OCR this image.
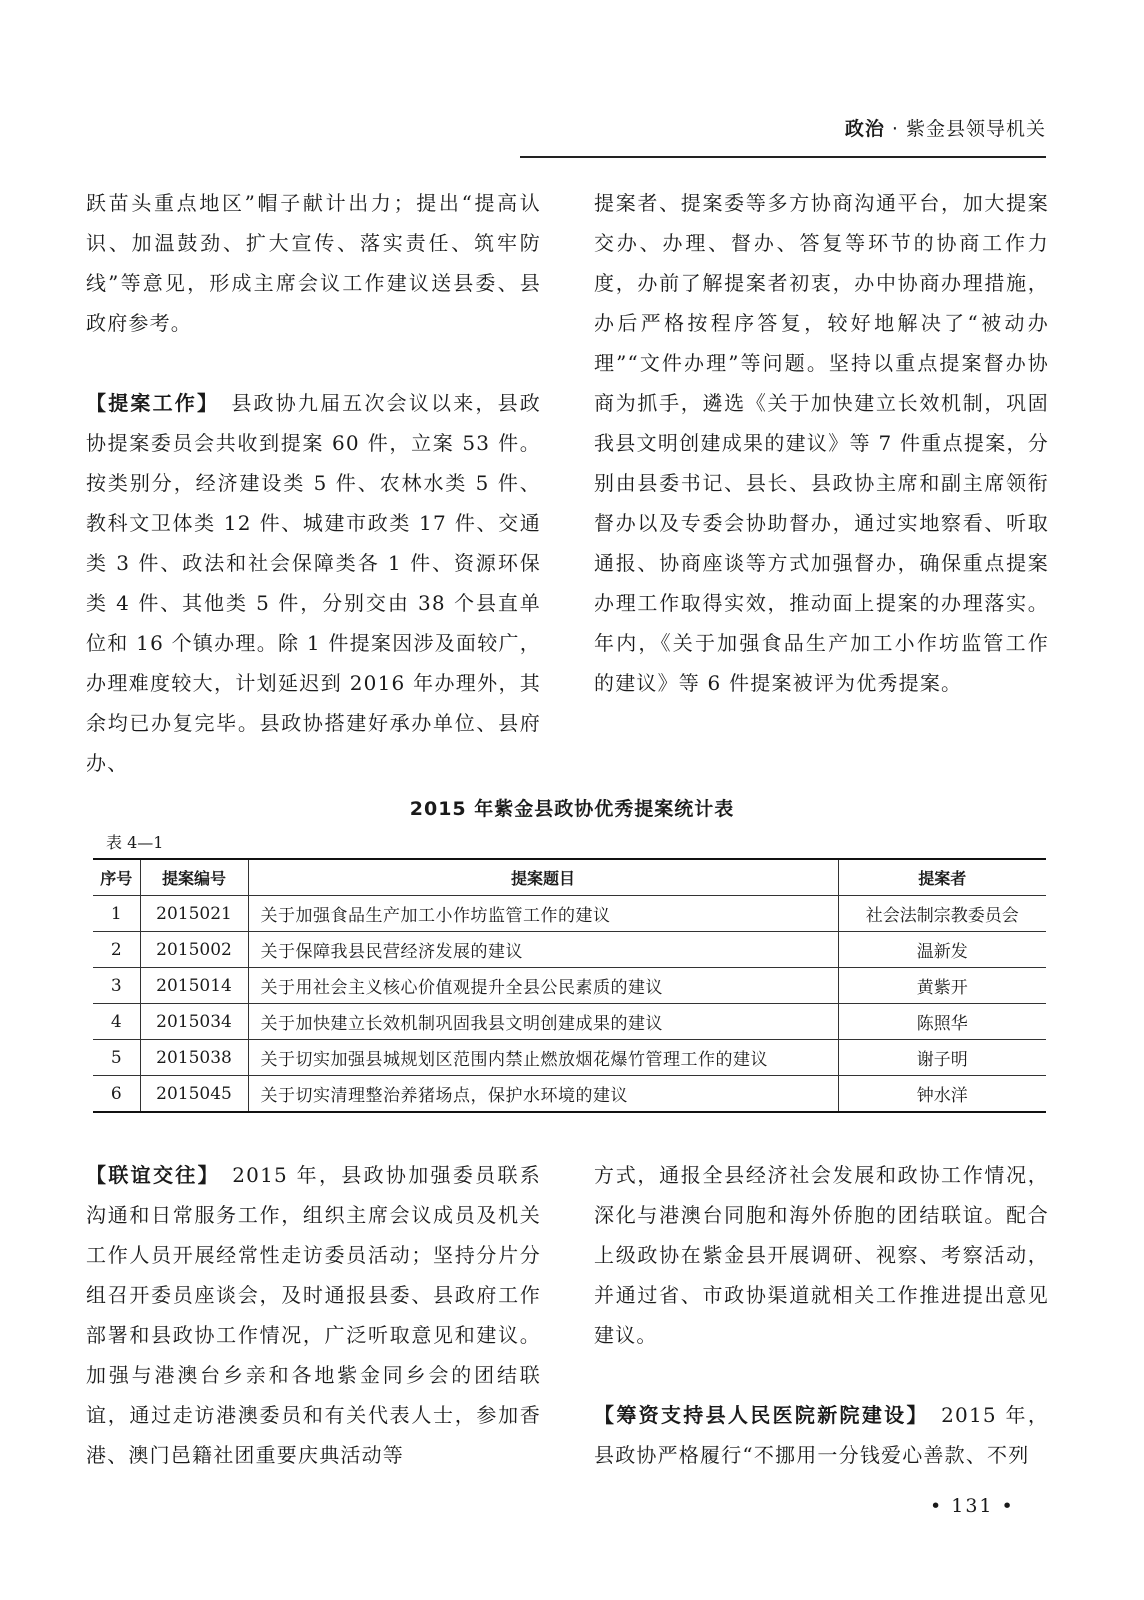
政治 · 紫金县领导机关

跃苗头重点地区”帽子献计出力；提出“提高认识、加温鼓劲、扩大宣传、落实责任、筑牢防线”等意见，形成主席会议工作建议送县委、县政府参考。

【提案工作】　 县政协九届五次会议以来，县政协提案委员会共收到提案 60 件，立案 53 件。按类别分，经济建设类 5 件、农林水类 5 件、教科文卫体类 12 件、城建市政类 17 件、交通类 3 件、政法和社会保障类各 1 件、资源环保类 4 件、其他类 5 件，分别交由 38 个县直单位和 16 个镇办理。除 1 件提案因涉及面较广，办理难度较大，计划延迟到 2016 年办理外，其余均已办复完毕。县政协搭建好承办单位、县府办、

提案者、提案委等多方协商沟通平台，加大提案交办、办理、督办、答复等环节的协商工作力度，办前了解提案者初衷，办中协商办理措施，办后严格按程序答复，较好地解决了“被动办理”“文件办理”等问题。坚持以重点提案督办协商为抓手，遴选《关于加快建立长效机制，巩固我县文明创建成果的建议》等 7 件重点提案，分别由县委书记、县长、县政协主席和副主席领衔督办以及专委会协助督办，通过实地察看、听取通报、协商座谈等方式加强督办，确保重点提案办理工作取得实效，推动面上提案的办理落实。年内，《关于加强食品生产加工小作坊监管工作的建议》等 6 件提案被评为优秀提案。

2015 年紫金县政协优秀提案统计表
表 4—1
序号	提案编号	提案题目	提案者
1	2015021	关于加强食品生产加工小作坊监管工作的建议	社会法制宗教委员会
2	2015002	关于保障我县民营经济发展的建议	温新发
3	2015014	关于用社会主义核心价值观提升全县公民素质的建议	黄紫开
4	2015034	关于加快建立长效机制巩固我县文明创建成果的建议	陈照华
5	2015038	关于切实加强县城规划区范围内禁止燃放烟花爆竹管理工作的建议	谢子明
6	2015045	关于切实清理整治养猪场点，保护水环境的建议	钟水洋

【联谊交往】　 2015 年，县政协加强委员联系沟通和日常服务工作，组织主席会议成员及机关工作人员开展经常性走访委员活动；坚持分片分组召开委员座谈会，及时通报县委、县政府工作部署和县政协工作情况，广泛听取意见和建议。加强与港澳台乡亲和各地紫金同乡会的团结联谊，通过走访港澳委员和有关代表人士，参加香港、澳门邑籍社团重要庆典活动等

方式，通报全县经济社会发展和政协工作情况，深化与港澳台同胞和海外侨胞的团结联谊。配合上级政协在紫金县开展调研、视察、考察活动，并通过省、市政协渠道就相关工作推进提出意见建议。

【筹资支持县人民医院新院建设】　 2015 年，县政协严格履行“不挪用一分钱爱心善款、不列

• 131 •
